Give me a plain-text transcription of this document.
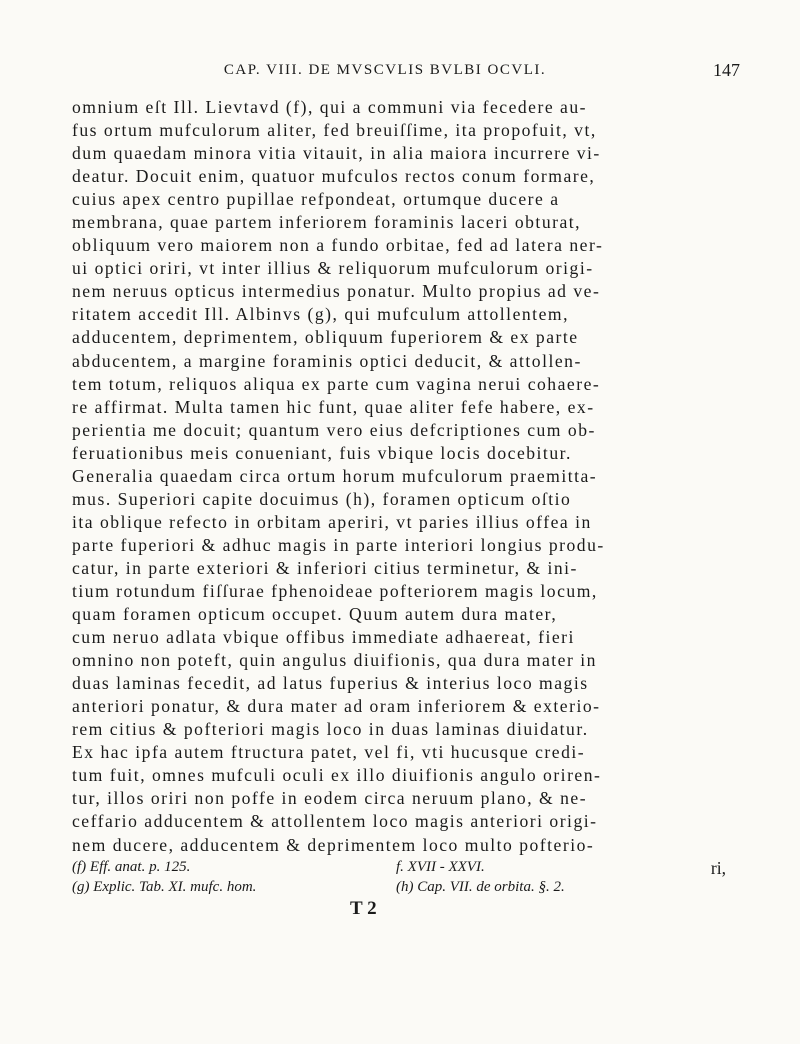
CAP. VIII. DE MVSCVLIS BVLBI OCVLI.	147
omnium eſt Ill. Lievtavd (f), qui a communi via fecedere au-
fus ortum mufculorum aliter, fed breuiſſime, ita propofuit, vt,
dum quaedam minora vitia vitauit, in alia maiora incurrere vi-
deatur. Docuit enim, quatuor mufculos rectos conum formare,
cuius apex centro pupillae refpondeat, ortumque ducere a
membrana, quae partem inferiorem foraminis laceri obturat,
obliquum vero maiorem non a fundo orbitae, fed ad latera ner-
ui optici oriri, vt inter illius & reliquorum mufculorum origi-
nem neruus opticus intermedius ponatur. Multo propius ad ve-
ritatem accedit Ill. Albinvs (g), qui mufculum attollentem,
adducentem, deprimentem, obliquum fuperiorem & ex parte
abducentem, a margine foraminis optici deducit, & attollen-
tem totum, reliquos aliqua ex parte cum vagina nerui cohaere-
re affirmat. Multa tamen hic funt, quae aliter fefe habere, ex-
perientia me docuit; quantum vero eius defcriptiones cum ob-
feruationibus meis conueniant, fuis vbique locis docebitur.
Generalia quaedam circa ortum horum mufculorum praemitta-
mus. Superiori capite docuimus (h), foramen opticum oſtio
ita oblique refecto in orbitam aperiri, vt paries illius offea in
parte fuperiori & adhuc magis in parte interiori longius produ-
catur, in parte exteriori & inferiori citius terminetur, & ini-
tium rotundum fiſſurae fphenoideae pofteriorem magis locum,
quam foramen opticum occupet. Quum autem dura mater,
cum neruo adlata vbique offibus immediate adhaereat, fieri
omnino non poteft, quin angulus diuifionis, qua dura mater in
duas laminas fecedit, ad latus fuperius & interius loco magis
anteriori ponatur, & dura mater ad oram inferiorem & exterio-
rem citius & pofteriori magis loco in duas laminas diuidatur.
Ex hac ipfa autem ftructura patet, vel fi, vti hucusque credi-
tum fuit, omnes mufculi oculi ex illo diuifionis angulo oriren-
tur, illos oriri non poffe in eodem circa neruum plano, & ne-
ceffario adducentem & attollentem loco magis anteriori origi-
nem ducere, adducentem & deprimentem loco multo pofterio-
ri,
(f) Eff. anat. p. 125.	f. XVII - XXVI.
(g) Explic. Tab. XI. mufc. hom.	(h) Cap. VII. de orbita. §. 2.
T 2
